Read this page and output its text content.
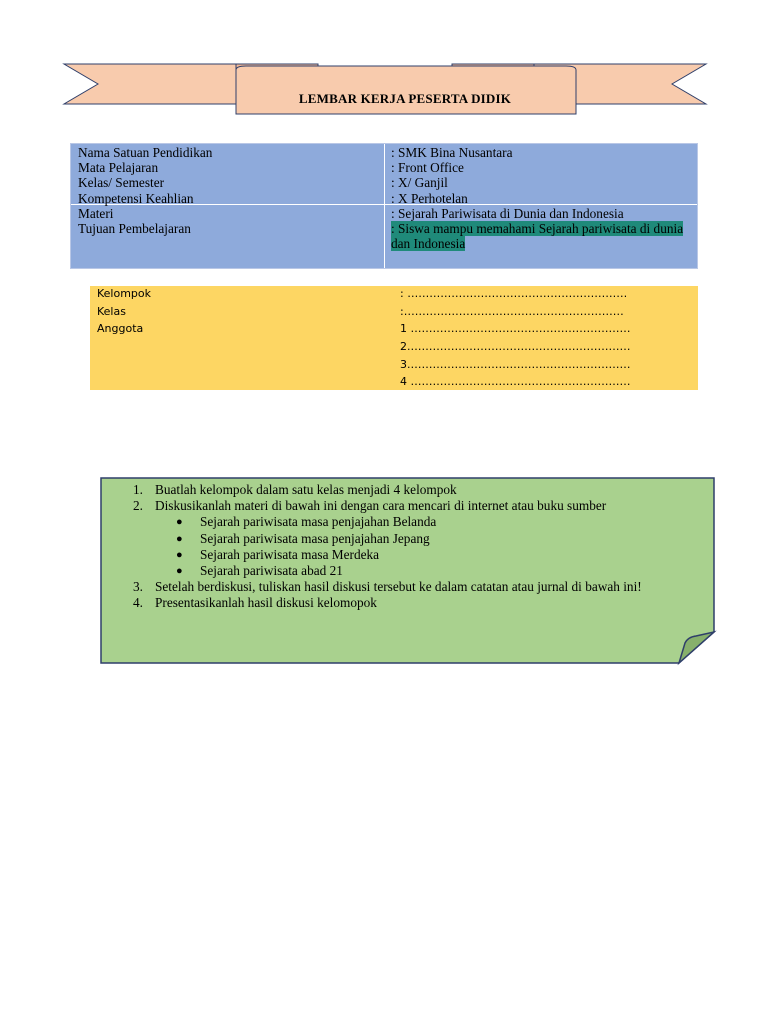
LEMBAR KERJA PESERTA DIDIK
Nama Satuan Pendidikan
Mata Pelajaran
Kelas/ Semester
Kompetensi Keahlian
Materi
Tujuan Pembelajaran
: SMK Bina Nusantara
: Front Office
: X/ Ganjil
: X Perhotelan
: Sejarah Pariwisata di Dunia dan Indonesia
: Siswa mampu memahami Sejarah pariwisata di dunia dan Indonesia
Kelompok
Kelas
Anggota
: ……………………………………………………
:……………………………………………………
1 ……………………………………………………
2.……………………………………………………
3.……………………………………………………
4 ……………………………………………………
1. Buatlah kelompok dalam satu kelas menjadi 4 kelompok
2. Diskusikanlah materi di bawah ini dengan cara mencari di internet atau buku sumber
● Sejarah pariwisata masa penjajahan Belanda
● Sejarah pariwisata masa penjajahan Jepang
● Sejarah pariwisata masa Merdeka
● Sejarah pariwisata abad 21
3. Setelah berdiskusi, tuliskan hasil diskusi tersebut ke dalam catatan atau jurnal di bawah ini!
4. Presentasikanlah hasil diskusi kelomopok
